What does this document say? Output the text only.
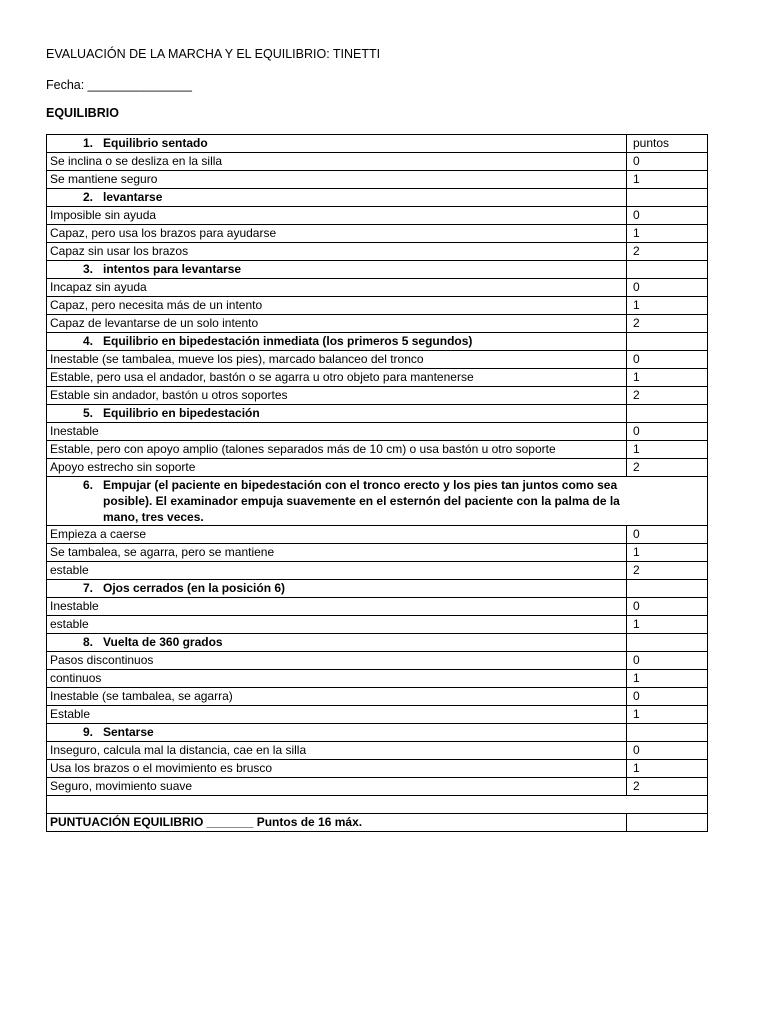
EVALUACIÓN DE LA MARCHA Y EL EQUILIBRIO: TINETTI
Fecha: _______________
EQUILIBRIO
1. Equilibrio sentado	puntos
Se inclina o se desliza en la silla	0
Se mantiene seguro	1
2. levantarse	
Imposible sin ayuda	0
Capaz, pero usa los brazos para ayudarse	1
Capaz sin usar los brazos	2
3. intentos para levantarse	
Incapaz sin ayuda	0
Capaz, pero necesita más de un intento	1
Capaz de levantarse de un solo intento	2
4. Equilibrio en bipedestación inmediata (los primeros 5 segundos)	
Inestable (se tambalea, mueve los pies), marcado balanceo del tronco	0
Estable, pero usa el andador, bastón o se agarra u otro objeto para mantenerse	1
Estable sin andador, bastón u otros soportes	2
5. Equilibrio en bipedestación	
Inestable	0
Estable, pero con apoyo amplio (talones separados más de 10 cm) o usa bastón u otro soporte	1
Apoyo estrecho sin soporte	2

6. Empujar (el paciente en bipedestación con el tronco erecto y los pies tan juntos como sea posible). El examinador empuja suavemente en el esternón del paciente con la palma de la mano, tres veces.	

Empieza a caerse	0
Se tambalea, se agarra, pero se mantiene	1
estable	2
7. Ojos cerrados (en la posición 6)	
Inestable	0
estable	1
8. Vuelta de 360 grados	
Pasos discontinuos	0
continuos	1
Inestable (se tambalea, se agarra)	0
Estable	1
9. Sentarse	
Inseguro, calcula mal la distancia, cae en la silla	0
Usa los brazos o el movimiento es brusco	1
Seguro, movimiento suave	2

PUNTUACIÓN EQUILIBRIO _______ Puntos de 16 máx.	
